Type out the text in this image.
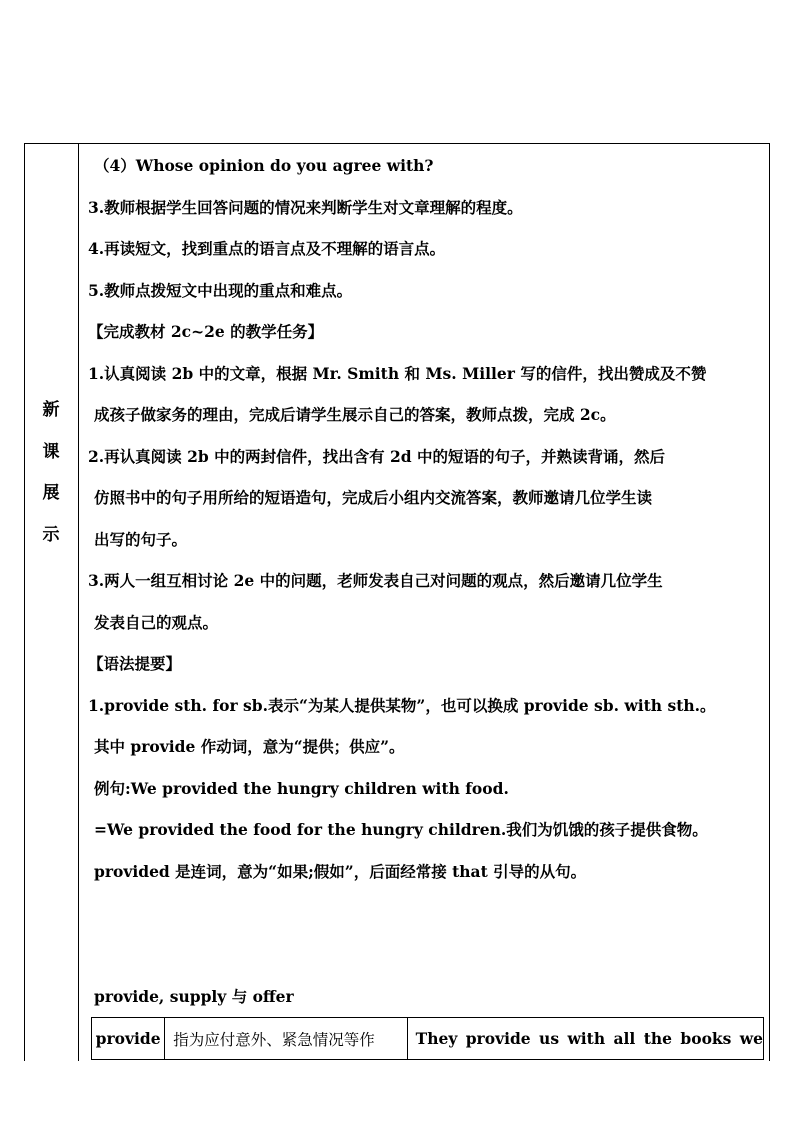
新
课
展
示
（4）Whose opinion do you agree with?
3.教师根据学生回答问题的情况来判断学生对文章理解的程度。
4.再读短文，找到重点的语言点及不理解的语言点。
5.教师点拨短文中出现的重点和难点。
【完成教材 2c~2e 的教学任务】
1.认真阅读 2b 中的文章，根据 Mr. Smith 和 Ms. Miller 写的信件，找出赞成及不赞
成孩子做家务的理由，完成后请学生展示自己的答案，教师点拨，完成 2c。
2.再认真阅读 2b 中的两封信件，找出含有 2d 中的短语的句子，并熟读背诵，然后
仿照书中的句子用所给的短语造句，完成后小组内交流答案，教师邀请几位学生读
出写的句子。
3.两人一组互相讨论 2e 中的问题，老师发表自己对问题的观点，然后邀请几位学生
发表自己的观点。
【语法提要】
1.provide sth. for sb.表示“为某人提供某物”，也可以换成 provide sb. with sth.。
其中 provide 作动词，意为“提供；供应”。
例句:We provided the hungry children with food.
=We provided the food for the hungry children.我们为饥饿的孩子提供食物。
provided 是连词，意为“如果;假如”，后面经常接 that 引导的从句。
provide, supply 与 offer
provide 指为应付意外、紧急情况等作	They provide us with all the books we
